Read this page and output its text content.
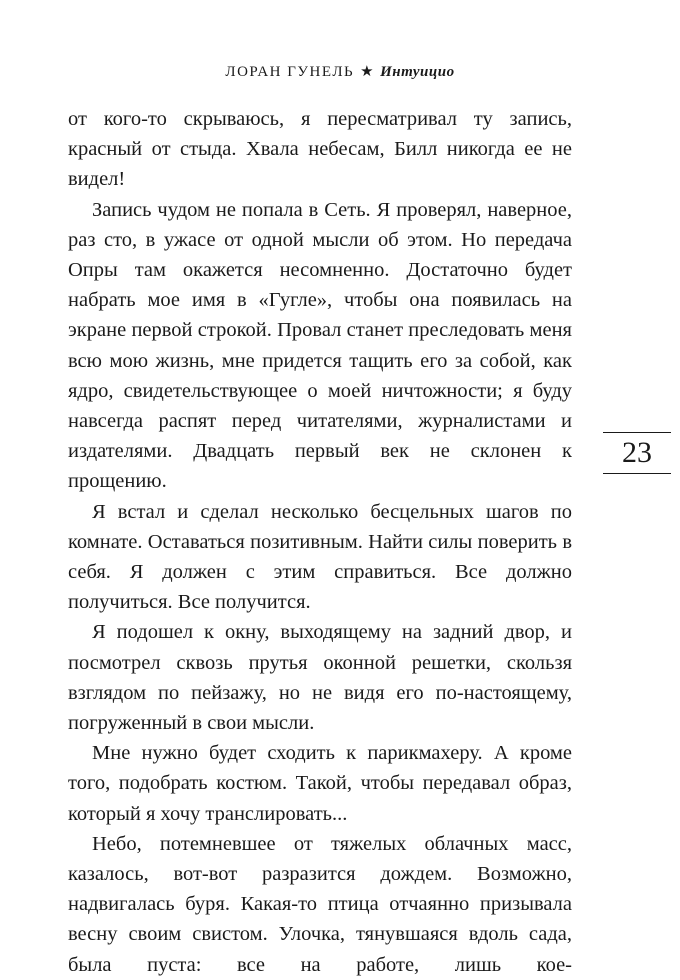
ЛОРАН ГУНЕЛЬ ★ Интуицио

от кого-то скрываюсь, я пересматривал ту запись, красный от стыда. Хвала небесам, Билл никогда ее не видел!

Запись чудом не попала в Сеть. Я проверял, наверное, раз сто, в ужасе от одной мысли об этом. Но передача Опры там окажется несомненно. Достаточно будет набрать мое имя в «Гугле», чтобы она появилась на экране первой строкой. Провал станет преследовать меня всю мою жизнь, мне придется тащить его за собой, как ядро, свидетельствующее о моей ничтожности; я буду навсегда распят перед читателями, журналистами и издателями. Двадцать первый век не склонен к прощению.

Я встал и сделал несколько бесцельных шагов по комнате. Оставаться позитивным. Найти силы поверить в себя. Я должен с этим справиться. Все должно получиться. Все получится.

Я подошел к окну, выходящему на задний двор, и посмотрел сквозь прутья оконной решетки, скользя взглядом по пейзажу, но не видя его по-настоящему, погруженный в свои мысли.

Мне нужно будет сходить к парикмахеру. А кроме того, подобрать костюм. Такой, чтобы передавал образ, который я хочу транслировать...

Небо, потемневшее от тяжелых облачных масс, казалось, вот-вот разразится дождем. Возможно, надвигалась буря. Какая-то птица отчаянно призывала весну своим свистом. Улочка, тянувшаяся вдоль сада, была пуста: все на работе, лишь кое-

23
